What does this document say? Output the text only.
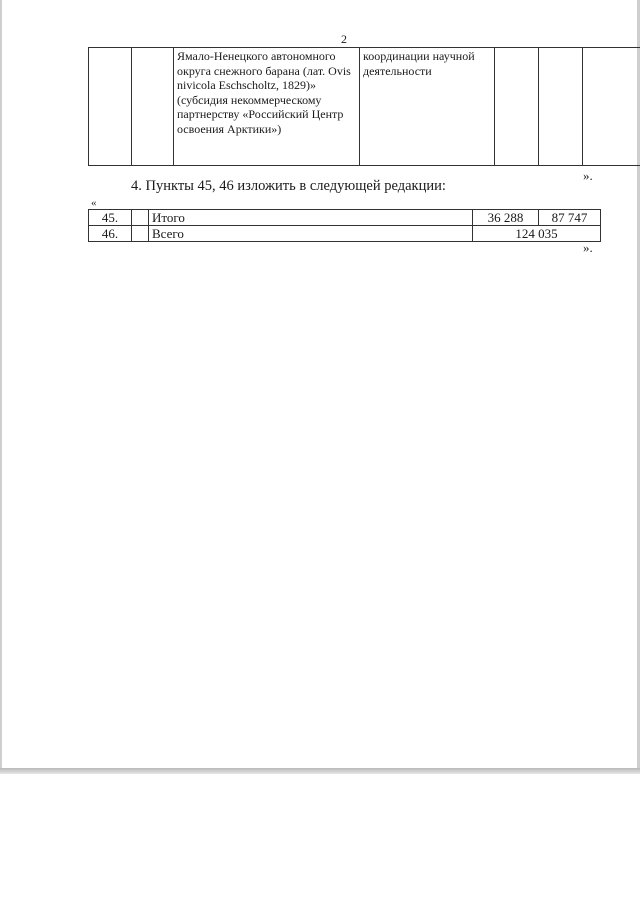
2
		Ямало-Ненецкого автономного округа снежного барана (лат. Ovis nivicola Eschscholtz, 1829)» (субсидия некоммерческому партнерству «Российский Центр освоения Арктики»)	координации научной деятельности			
».
4. Пункты 45, 46 изложить в следующей редакции:
«
45.		Итого	36 288	87 747
46.		Всего	124 035	
».
